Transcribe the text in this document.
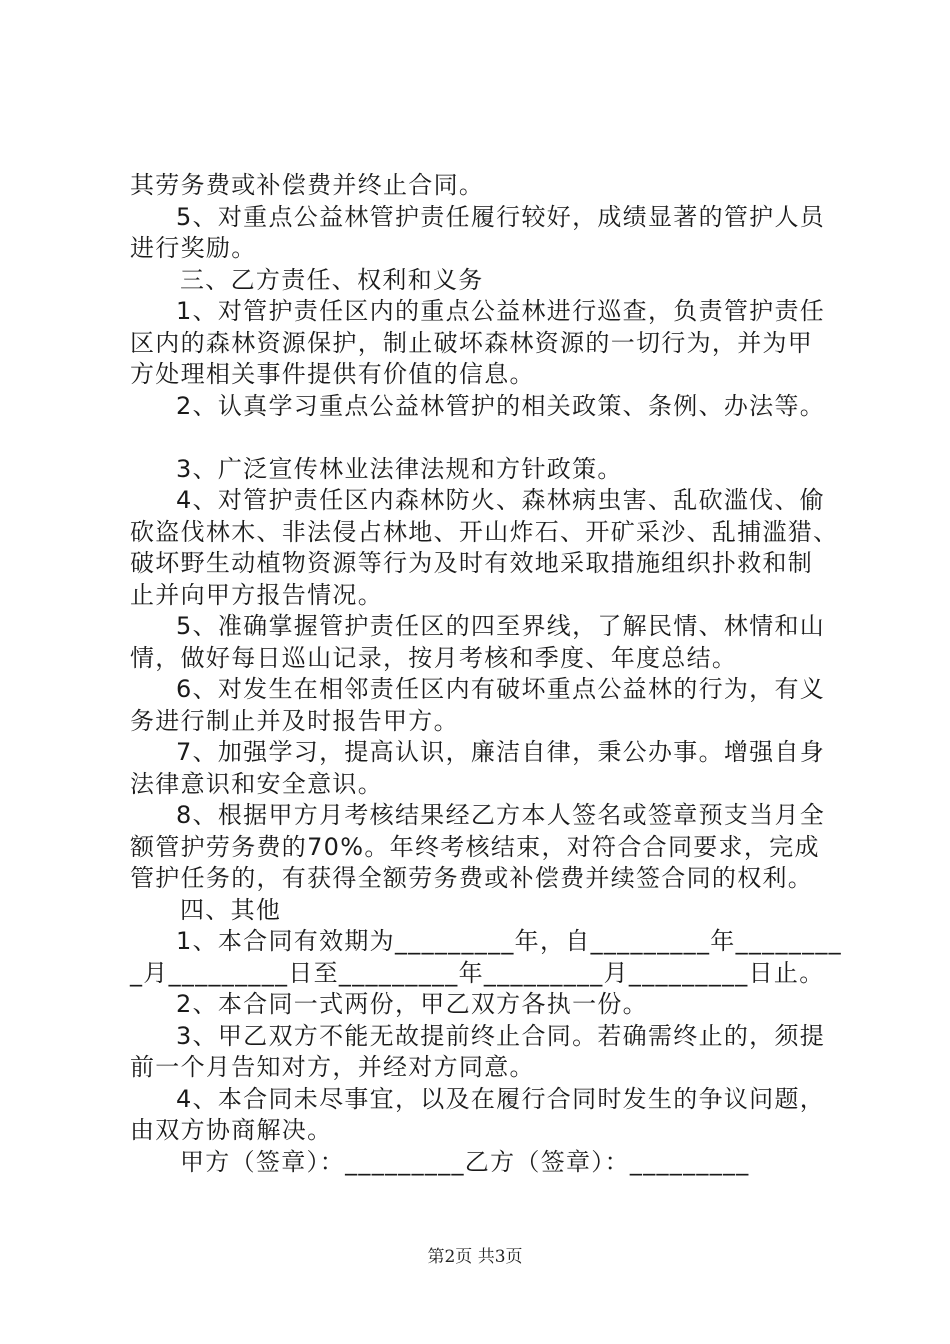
其劳务费或补偿费并终止合同。
5、对重点公益林管护责任履行较好，成绩显著的管护人员
进行奖励。
三、乙方责任、权利和义务
1、对管护责任区内的重点公益林进行巡查，负责管护责任
区内的森林资源保护，制止破坏森林资源的一切行为，并为甲
方处理相关事件提供有价值的信息。
2、认真学习重点公益林管护的相关政策、条例、办法等。
3、广泛宣传林业法律法规和方针政策。
4、对管护责任区内森林防火、森林病虫害、乱砍滥伐、偷
砍盗伐林木、非法侵占林地、开山炸石、开矿采沙、乱捕滥猎、
破坏野生动植物资源等行为及时有效地采取措施组织扑救和制
止并向甲方报告情况。
5、准确掌握管护责任区的四至界线，了解民情、林情和山
情，做好每日巡山记录，按月考核和季度、年度总结。
6、对发生在相邻责任区内有破坏重点公益林的行为，有义
务进行制止并及时报告甲方。
7、加强学习，提高认识，廉洁自律，秉公办事。增强自身
法律意识和安全意识。
8、根据甲方月考核结果经乙方本人签名或签章预支当月全
额管护劳务费的70%。年终考核结束，对符合合同要求，完成
管护任务的，有获得全额劳务费或补偿费并续签合同的权利。
四、其他
1、本合同有效期为_________年，自_________年________
_月_________日至_________年_________月_________日止。
2、本合同一式两份，甲乙双方各执一份。
3、甲乙双方不能无故提前终止合同。若确需终止的，须提
前一个月告知对方，并经对方同意。
4、本合同未尽事宜，以及在履行合同时发生的争议问题，
由双方协商解决。
甲方（签章）：_________乙方（签章）：_________
第2页 共3页
